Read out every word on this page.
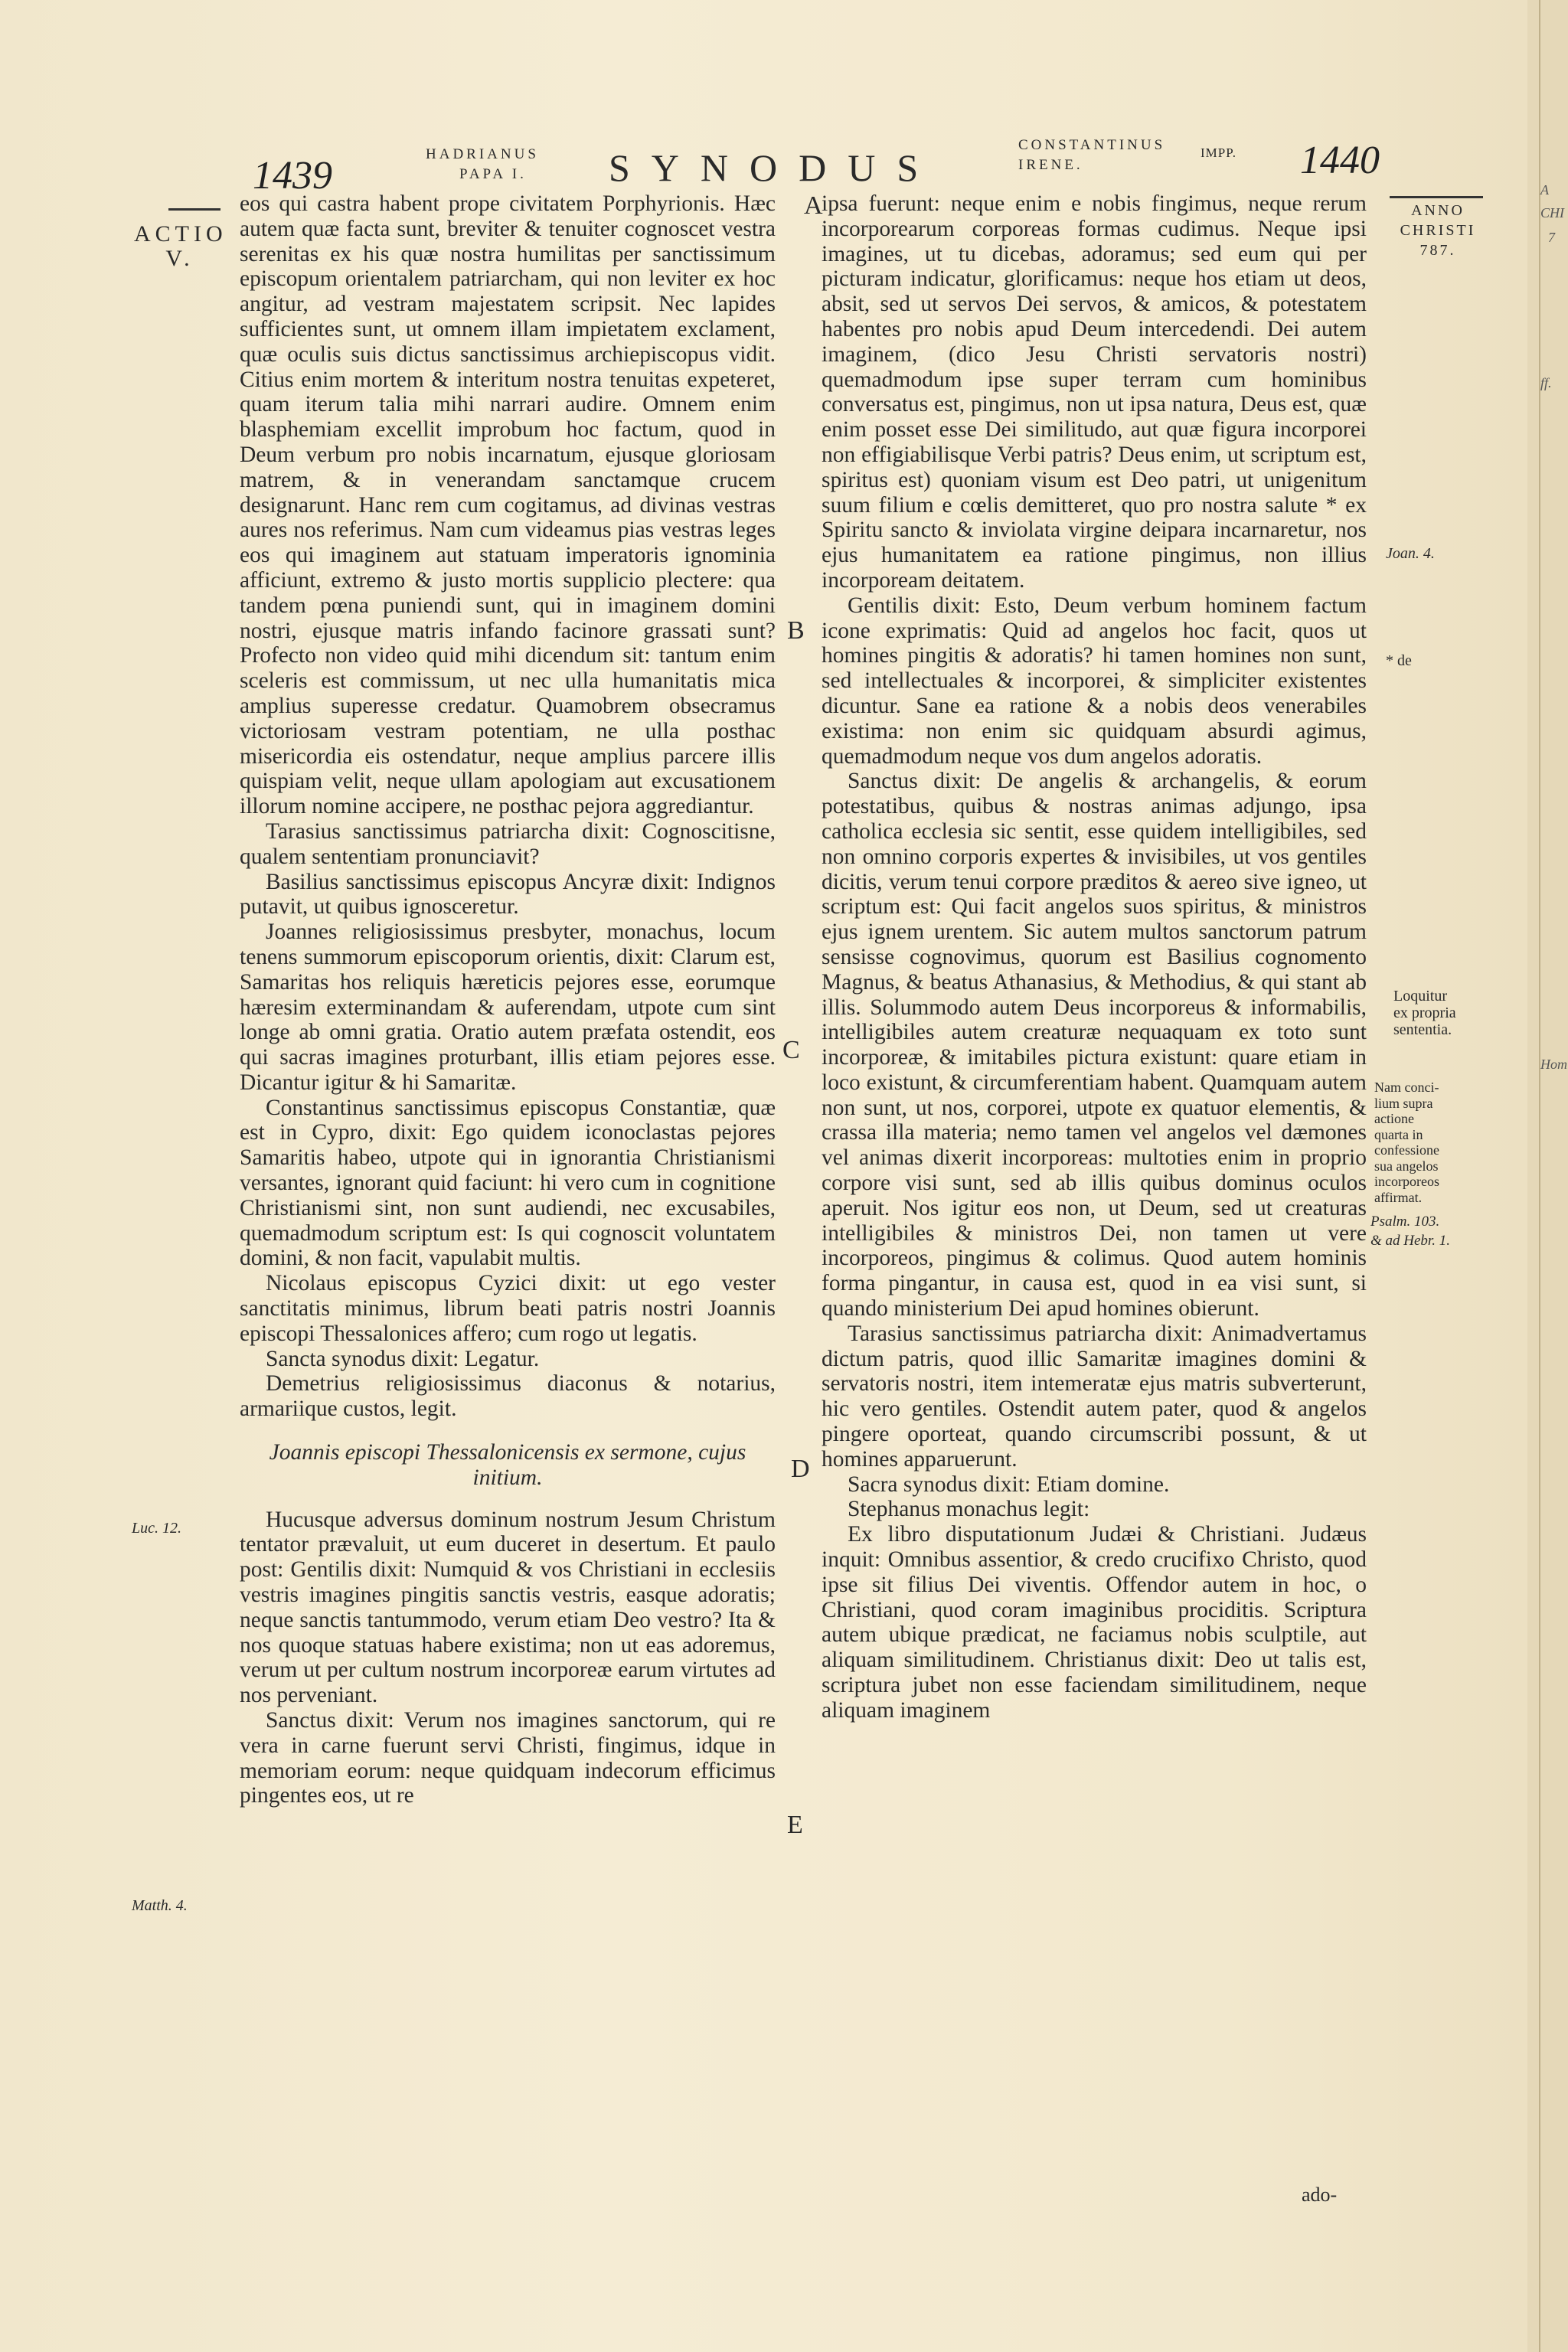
A
CHI
7
ff.
Hom
1439	HADRIANUS
PAPA I. SYNODUS
CONSTANTINUS
IRENE.
IMPP. 1440
ACTIO
V.
Luc. 12.
Matth. 4.
A
B
C
D
E

eos qui castra habent prope civitatem Porphyrionis. Hæc autem quæ facta sunt, breviter & tenuiter cognoscet vestra serenitas ex his quæ nostra humilitas per sanctissimum episcopum orientalem patriarcham, qui non leviter ex hoc angitur, ad vestram majestatem scripsit. Nec lapides sufficientes sunt, ut omnem illam impietatem exclament, quæ oculis suis dictus sanctissimus archiepiscopus vidit. Citius enim mortem & interitum nostra tenuitas expeteret, quam iterum talia mihi narrari audire. Omnem enim blasphemiam excellit improbum hoc factum, quod in Deum verbum pro nobis incarnatum, ejusque gloriosam matrem, & in venerandam sanctamque crucem designarunt. Hanc rem cum cogitamus, ad divinas vestras aures nos referimus. Nam cum videamus pias vestras leges eos qui imaginem aut statuam imperatoris ignominia afficiunt, extremo & justo mortis supplicio plectere: qua tandem pœna puniendi sunt, qui in imaginem domini nostri, ejusque matris infando facinore grassati sunt? Profecto non video quid mihi dicendum sit: tantum enim sceleris est commissum, ut nec ulla humanitatis mica amplius superesse credatur. Quamobrem obsecramus victoriosam vestram potentiam, ne ulla posthac misericordia eis ostendatur, neque amplius parcere illis quispiam velit, neque ullam apologiam aut excusationem illorum nomine accipere, ne posthac pejora aggrediantur.

Tarasius sanctissimus patriarcha dixit: Cognoscitisne, qualem sententiam pronunciavit?

Basilius sanctissimus episcopus Ancyræ dixit: Indignos putavit, ut quibus ignosceretur.

Joannes religiosissimus presbyter, monachus, locum tenens summorum episcoporum orientis, dixit: Clarum est, Samaritas hos reliquis hæreticis pejores esse, eorumque hæresim exterminandam & auferendam, utpote cum sint longe ab omni gratia. Oratio autem præfata ostendit, eos qui sacras imagines proturbant, illis etiam pejores esse. Dicantur igitur & hi Samaritæ.

Constantinus sanctissimus episcopus Constantiæ, quæ est in Cypro, dixit: Ego quidem iconoclastas pejores Samaritis habeo, utpote qui in ignorantia Christianismi versantes, ignorant quid faciunt: hi vero cum in cognitione Christianismi sint, non sunt audiendi, nec excusabiles, quemadmodum scriptum est: Is qui cognoscit voluntatem domini, & non facit, vapulabit multis.

Nicolaus episcopus Cyzici dixit: ut ego vester sanctitatis minimus, librum beati patris nostri Joannis episcopi Thessalonices affero; cum rogo ut legatis.

Sancta synodus dixit: Legatur.

Demetrius religiosissimus diaconus & notarius, armariique custos, legit.

Joannis episcopi Thessalonicensis ex sermone, cujus initium.

Hucusque adversus dominum nostrum Jesum Christum tentator prævaluit, ut eum duceret in desertum. Et paulo post: Gentilis dixit: Numquid & vos Christiani in ecclesiis vestris imagines pingitis sanctis vestris, easque adoratis; neque sanctis tantummodo, verum etiam Deo vestro? Ita & nos quoque statuas habere existima; non ut eas adoremus, verum ut per cultum nostrum incorporeæ earum virtutes ad nos perveniant.

Sanctus dixit: Verum nos imagines sanctorum, qui re vera in carne fuerunt servi Christi, fingimus, idque in memoriam eorum: neque quidquam indecorum efficimus pingentes eos, ut re

ipsa fuerunt: neque enim e nobis fingimus, neque rerum incorporearum corporeas formas cudimus. Neque ipsi imagines, ut tu dicebas, adoramus; sed eum qui per picturam indicatur, glorificamus: neque hos etiam ut deos, absit, sed ut servos Dei servos, & amicos, & potestatem habentes pro nobis apud Deum intercedendi. Dei autem imaginem, (dico Jesu Christi servatoris nostri) quemadmodum ipse super terram cum hominibus conversatus est, pingimus, non ut ipsa natura, Deus est, quæ enim posset esse Dei similitudo, aut quæ figura incorporei non effigiabilisque Verbi patris? Deus enim, ut scriptum est, spiritus est) quoniam visum est Deo patri, ut unigenitum suum filium e cœlis demitteret, quo pro nostra salute * ex Spiritu sancto & inviolata virgine deipara incarnaretur, nos ejus humanitatem ea ratione pingimus, non illius incorpoream deitatem.

Gentilis dixit: Esto, Deum verbum hominem factum icone exprimatis: Quid ad angelos hoc facit, quos ut homines pingitis & adoratis? hi tamen homines non sunt, sed intellectuales & incorporei, & simpliciter existentes dicuntur. Sane ea ratione & a nobis deos venerabiles existima: non enim sic quidquam absurdi agimus, quemadmodum neque vos dum angelos adoratis.

Sanctus dixit: De angelis & archangelis, & eorum potestatibus, quibus & nostras animas adjungo, ipsa catholica ecclesia sic sentit, esse quidem intelligibiles, sed non omnino corporis expertes & invisibiles, ut vos gentiles dicitis, verum tenui corpore præditos & aereo sive igneo, ut scriptum est: Qui facit angelos suos spiritus, & ministros ejus ignem urentem. Sic autem multos sanctorum patrum sensisse cognovimus, quorum est Basilius cognomento Magnus, & beatus Athanasius, & Methodius, & qui stant ab illis. Solummodo autem Deus incorporeus & informabilis, intelligibiles autem creaturæ nequaquam ex toto sunt incorporeæ, & imitabiles pictura existunt: quare etiam in loco existunt, & circumferentiam habent. Quamquam autem non sunt, ut nos, corporei, utpote ex quatuor elementis, & crassa illa materia; nemo tamen vel angelos vel dæmones vel animas dixerit incorporeas: multoties enim in proprio corpore visi sunt, sed ab illis quibus dominus oculos aperuit. Nos igitur eos non, ut Deum, sed ut creaturas intelligibiles & ministros Dei, non tamen ut vere incorporeos, pingimus & colimus. Quod autem hominis forma pingantur, in causa est, quod in ea visi sunt, si quando ministerium Dei apud homines obierunt.

Tarasius sanctissimus patriarcha dixit: Animadvertamus dictum patris, quod illic Samaritæ imagines domini & servatoris nostri, item intemeratæ ejus matris subverterunt, hic vero gentiles. Ostendit autem pater, quod & angelos pingere oporteat, quando circumscribi possunt, & ut homines apparuerunt.

Sacra synodus dixit: Etiam domine.

Stephanus monachus legit:

Ex libro disputationum Judæi & Christiani. Judæus inquit: Omnibus assentior, & credo crucifixo Christo, quod ipse sit filius Dei viventis. Offendor autem in hoc, o Christiani, quod coram imaginibus prociditis. Scriptura autem ubique prædicat, ne faciamus nobis sculptile, aut aliquam similitudinem. Christianus dixit: Deo ut talis est, scriptura jubet non esse faciendam similitudinem, neque aliquam imaginem

ado-
ANNO
CHRISTI
787.
Joan. 4.
* de
Loquitur
ex propria
sententia.
Nam conci-
lium supra
actione
quarta in
confessione
sua angelos
incorporeos
affirmat.
Psalm. 103.
& ad Hebr. 1.
